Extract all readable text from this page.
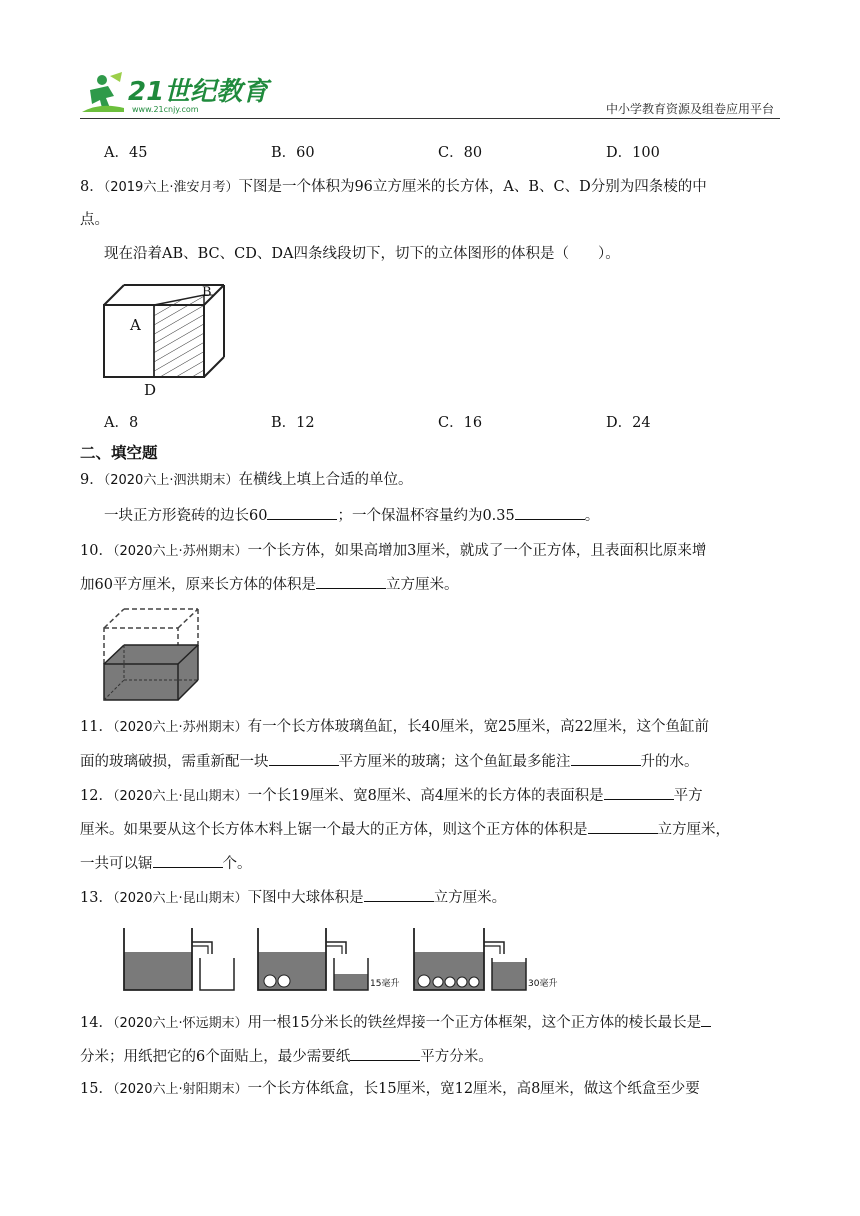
21世纪教育
www.21cnjy.com	中小学教育资源及组卷应用平台
A．45	B．60	C．80	D．100
8．（2019六上·淮安月考）下图是一个体积为96立方厘米的长方体，A、B、C、D分别为四条棱的中
点。
现在沿着AB、BC、CD、DA四条线段切下，切下的立体图形的体积是（　　）。
A
B
D
A．8	B．12	C．16	D．24
二、填空题
9．（2020六上·泗洪期末）在横线上填上合适的单位。
一块正方形瓷砖的边长60	；一个保温杯容量约为0.35	。
10．（2020六上·苏州期末）一个长方体，如果高增加3厘米，就成了一个正方体，且表面积比原来增
加60平方厘米，原来长方体的体积是	立方厘米。
11．（2020六上·苏州期末）有一个长方体玻璃鱼缸，长40厘米，宽25厘米，高22厘米，这个鱼缸前
面的玻璃破损，需重新配一块	平方厘米的玻璃；这个鱼缸最多能注	升的水。
12．（2020六上·昆山期末）一个长19厘米、宽8厘米、高4厘米的长方体的表面积是	平方
厘米。如果要从这个长方体木料上锯一个最大的正方体，则这个正方体的体积是	立方厘米，
一共可以锯	个。
13．（2020六上·昆山期末）下图中大球体积是	立方厘米。
15毫升	30毫升
14．（2020六上·怀远期末）用一根15分米长的铁丝焊接一个正方体框架，这个正方体的棱长最长是
分米；用纸把它的6个面贴上，最少需要纸	平方分米。
15．（2020六上·射阳期末）一个长方体纸盒，长15厘米，宽12厘米，高8厘米，做这个纸盒至少要
